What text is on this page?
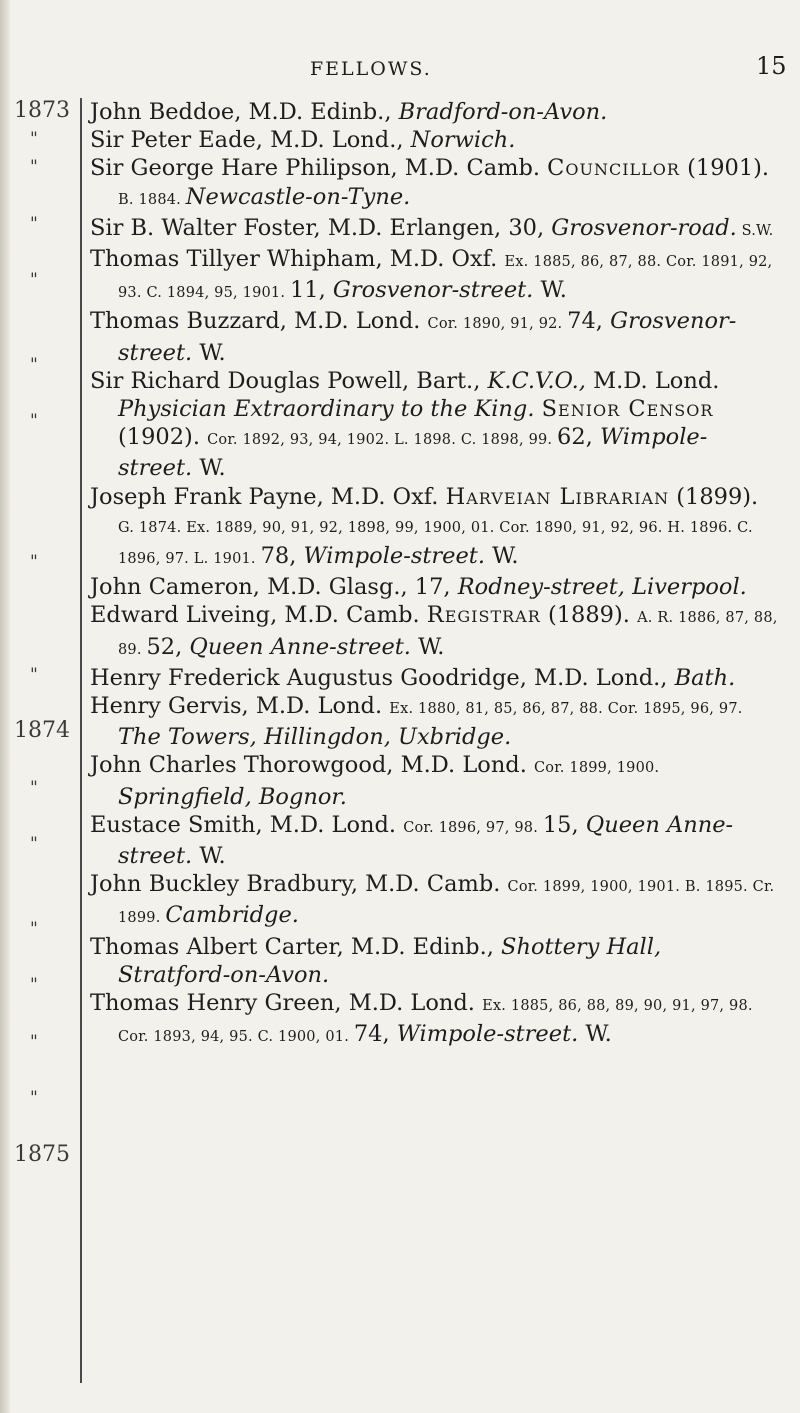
FELLOWS.	15
1873
"
"
"
"
"
"
"
"
1874
"
"
"
"
"
"
1875

John Beddoe, M.D. Edinb., Bradford-on-Avon.

Sir Peter Eade, M.D. Lond., Norwich.

Sir George Hare Philipson, M.D. Camb. Councillor (1901). B. 1884. Newcastle-on-Tyne.

Sir B. Walter Foster, M.D. Erlangen, 30, Grosvenor-road. S.W.

Thomas Tillyer Whipham, M.D. Oxf. Ex. 1885, 86, 87, 88. Cor. 1891, 92, 93. C. 1894, 95, 1901. 11, Grosvenor-street. W.

Thomas Buzzard, M.D. Lond. Cor. 1890, 91, 92. 74, Grosvenor-street. W.

Sir Richard Douglas Powell, Bart., K.C.V.O., M.D. Lond. Physician Extraordinary to the King. Senior Censor (1902). Cor. 1892, 93, 94, 1902. L. 1898. C. 1898, 99. 62, Wimpole-street. W.

Joseph Frank Payne, M.D. Oxf. Harveian Librarian (1899). G. 1874. Ex. 1889, 90, 91, 92, 1898, 99, 1900, 01. Cor. 1890, 91, 92, 96. H. 1896. C. 1896, 97. L. 1901. 78, Wimpole-street. W.

John Cameron, M.D. Glasg., 17, Rodney-street, Liverpool.

Edward Liveing, M.D. Camb. Registrar (1889). A. R. 1886, 87, 88, 89. 52, Queen Anne-street. W.

Henry Frederick Augustus Goodridge, M.D. Lond., Bath.

Henry Gervis, M.D. Lond. Ex. 1880, 81, 85, 86, 87, 88. Cor. 1895, 96, 97. The Towers, Hillingdon, Uxbridge.

John Charles Thorowgood, M.D. Lond. Cor. 1899, 1900. Springfield, Bognor.

Eustace Smith, M.D. Lond. Cor. 1896, 97, 98. 15, Queen Anne-street. W.

John Buckley Bradbury, M.D. Camb. Cor. 1899, 1900, 1901. B. 1895. Cr. 1899. Cambridge.

Thomas Albert Carter, M.D. Edinb., Shottery Hall, Stratford-on-Avon.

Thomas Henry Green, M.D. Lond. Ex. 1885, 86, 88, 89, 90, 91, 97, 98. Cor. 1893, 94, 95. C. 1900, 01. 74, Wimpole-street. W.
